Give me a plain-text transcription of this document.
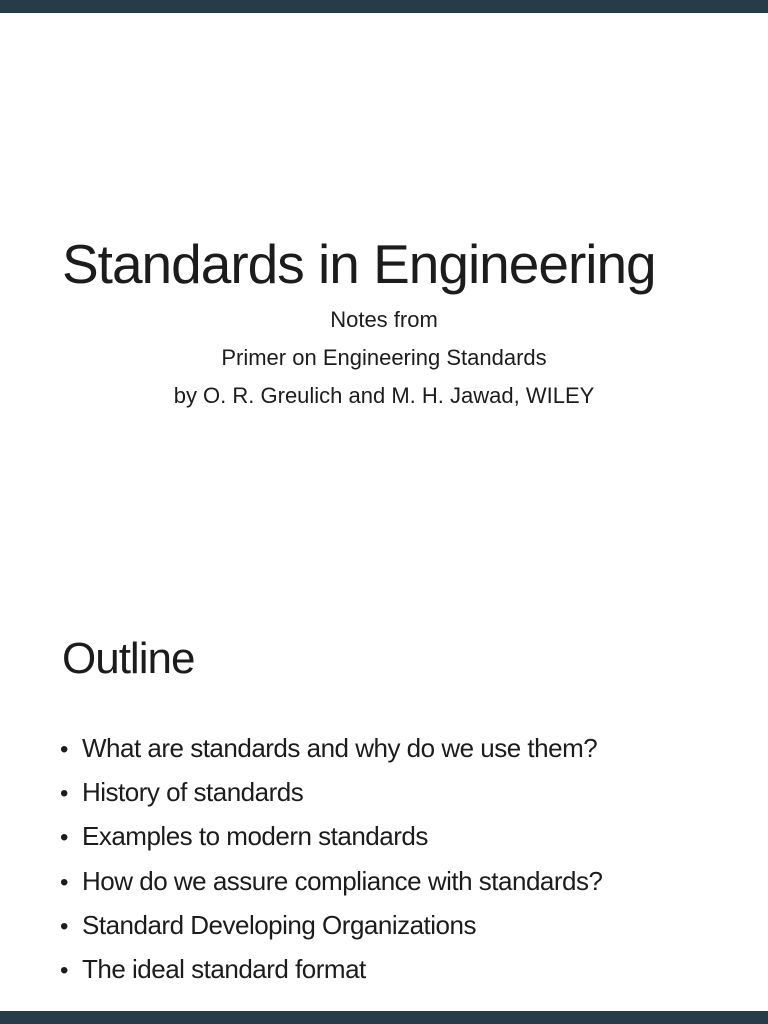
Standards in Engineering
Notes from
Primer on Engineering Standards
by O. R. Greulich and M. H. Jawad, WILEY
Outline
• What are standards and why do we use them?
• History of standards
• Examples to modern standards
• How do we assure compliance with standards?
• Standard Developing Organizations
• The ideal standard format
